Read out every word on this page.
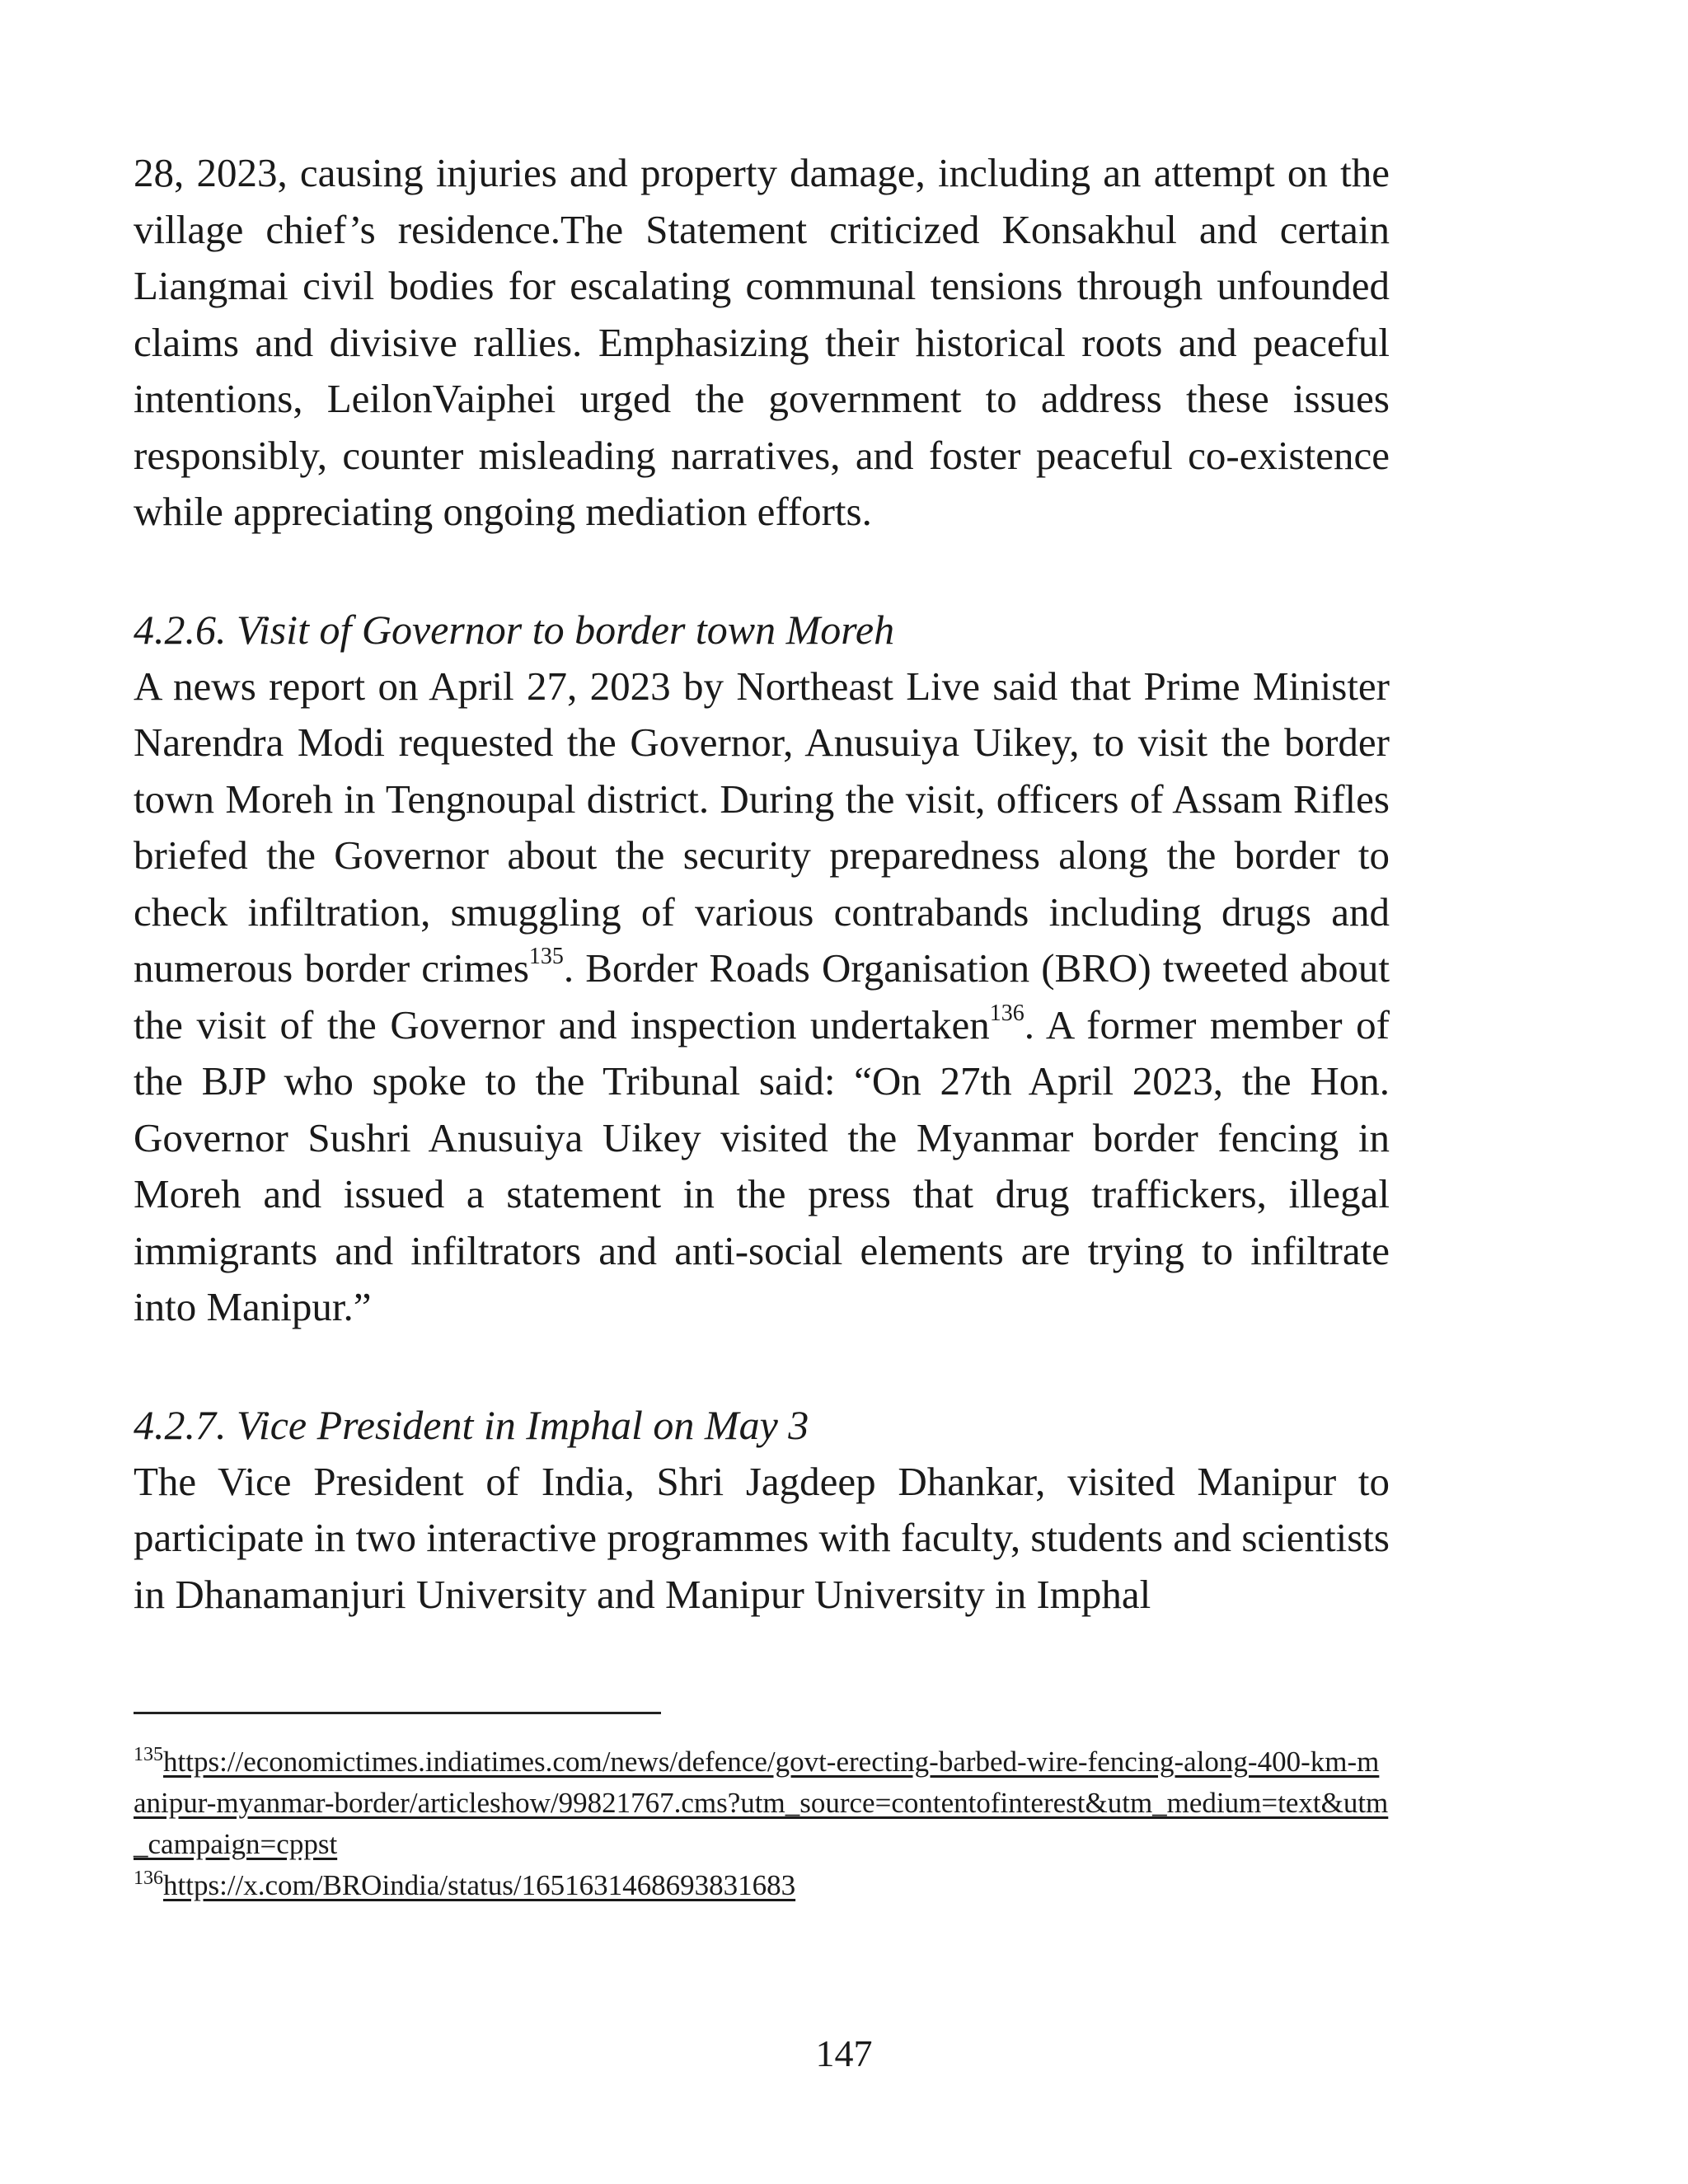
28, 2023, causing injuries and property damage, including an attempt on the village chief’s residence.The Statement criticized Konsakhul and certain Liangmai civil bodies for escalating communal tensions through unfounded claims and divisive rallies. Emphasizing their historical roots and peaceful intentions, LeilonVaiphei urged the government to address these issues responsibly, counter misleading narratives, and foster peaceful co-existence while appreciating ongoing mediation efforts.

4.2.6. Visit of Governor to border town Moreh

A news report on April 27, 2023 by Northeast Live said that Prime Minister Narendra Modi requested the Governor, Anusuiya Uikey, to visit the border town Moreh in Tengnoupal district. During the visit, officers of Assam Rifles briefed the Governor about the security preparedness along the border to check infiltration, smuggling of various contrabands including drugs and numerous border crimes$^{135}$. Border Roads Organisation (BRO) tweeted about the visit of the Governor and inspection undertaken$^{136}$. A former member of the BJP who spoke to the Tribunal said: “On 27th April 2023, the Hon. Governor Sushri Anusuiya Uikey visited the Myanmar border fencing in Moreh and issued a statement in the press that drug traffickers, illegal immigrants and infiltrators and anti-social elements are trying to infiltrate into Manipur.”

4.2.7. Vice President in Imphal on May 3

The Vice President of India, Shri Jagdeep Dhankar, visited Manipur to participate in two interactive programmes with faculty, students and scientists in Dhanamanjuri University and Manipur University in Imphal

$^{135}$https://economictimes.indiatimes.com/news/defence/govt-erecting-barbed-wire-fencing-along-400-km-manipur-myanmar-border/articleshow/99821767.cms?utm_source=contentofinterest&utm_medium=text&utm_campaign=cppst
$^{136}$https://x.com/BROindia/status/1651631468693831683
147
